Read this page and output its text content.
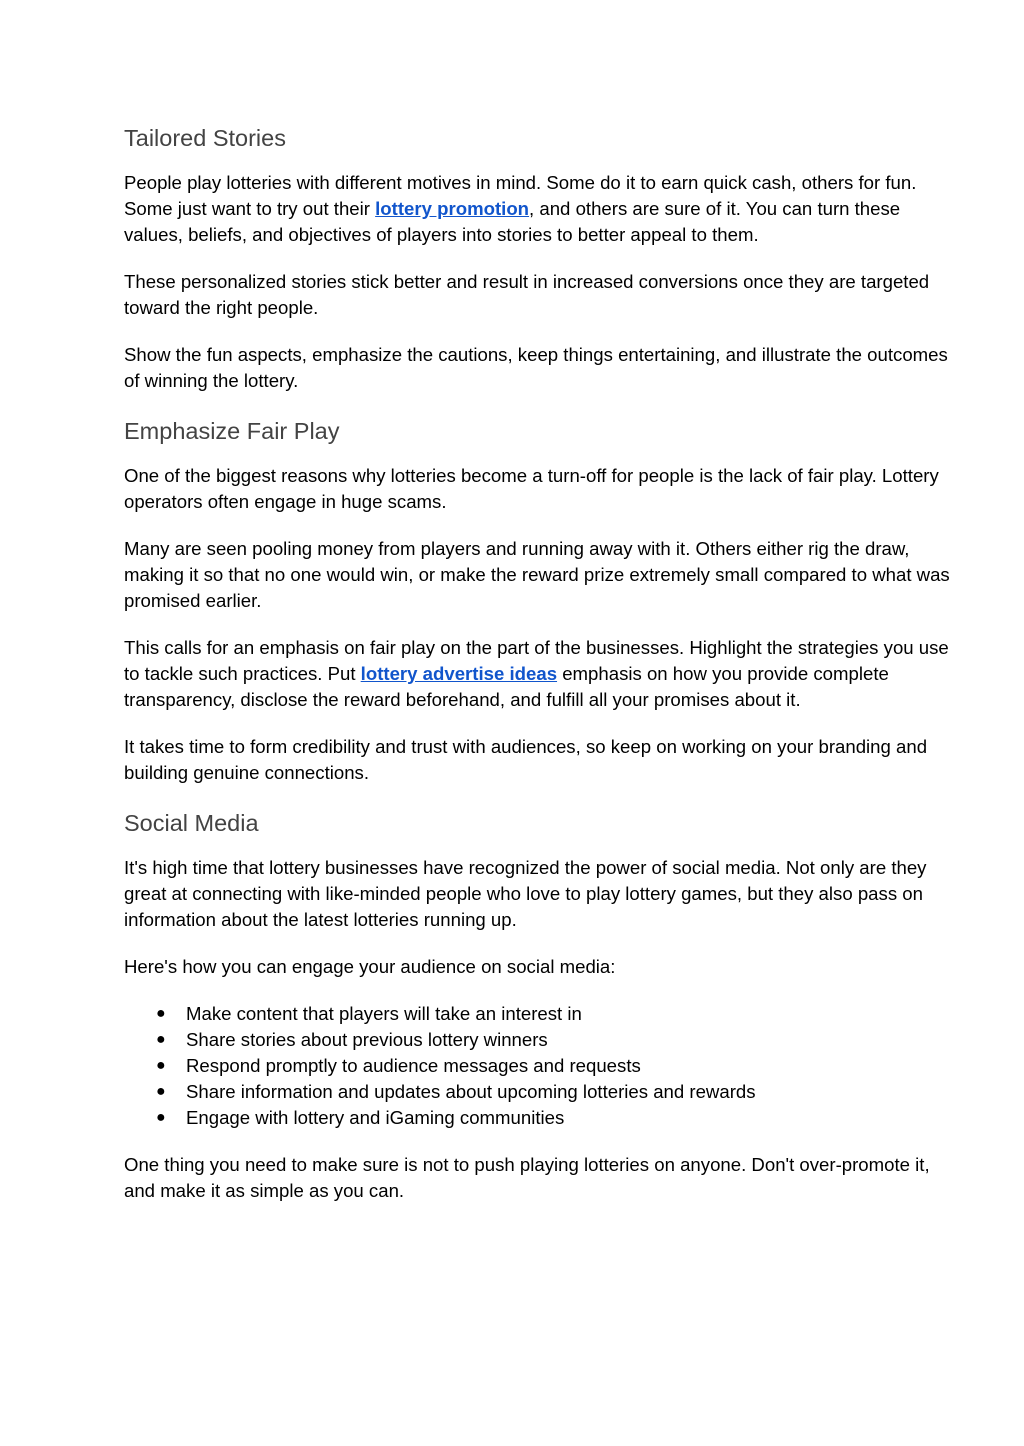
Tailored Stories

People play lotteries with different motives in mind. Some do it to earn quick cash, others for fun. Some just want to try out their lottery promotion, and others are sure of it. You can turn these values, beliefs, and objectives of players into stories to better appeal to them.

These personalized stories stick better and result in increased conversions once they are targeted toward the right people.

Show the fun aspects, emphasize the cautions, keep things entertaining, and illustrate the outcomes of winning the lottery.

Emphasize Fair Play

One of the biggest reasons why lotteries become a turn-off for people is the lack of fair play. Lottery operators often engage in huge scams.

Many are seen pooling money from players and running away with it. Others either rig the draw, making it so that no one would win, or make the reward prize extremely small compared to what was promised earlier.

This calls for an emphasis on fair play on the part of the businesses. Highlight the strategies you use to tackle such practices. Put lottery advertise ideas emphasis on how you provide complete transparency, disclose the reward beforehand, and fulfill all your promises about it.

It takes time to form credibility and trust with audiences, so keep on working on your branding and building genuine connections.

Social Media

It's high time that lottery businesses have recognized the power of social media. Not only are they great at connecting with like-minded people who love to play lottery games, but they also pass on information about the latest lotteries running up.

Here's how you can engage your audience on social media:

● Make content that players will take an interest in
● Share stories about previous lottery winners
● Respond promptly to audience messages and requests
● Share information and updates about upcoming lotteries and rewards
● Engage with lottery and iGaming communities

One thing you need to make sure is not to push playing lotteries on anyone. Don't over-promote it, and make it as simple as you can.
